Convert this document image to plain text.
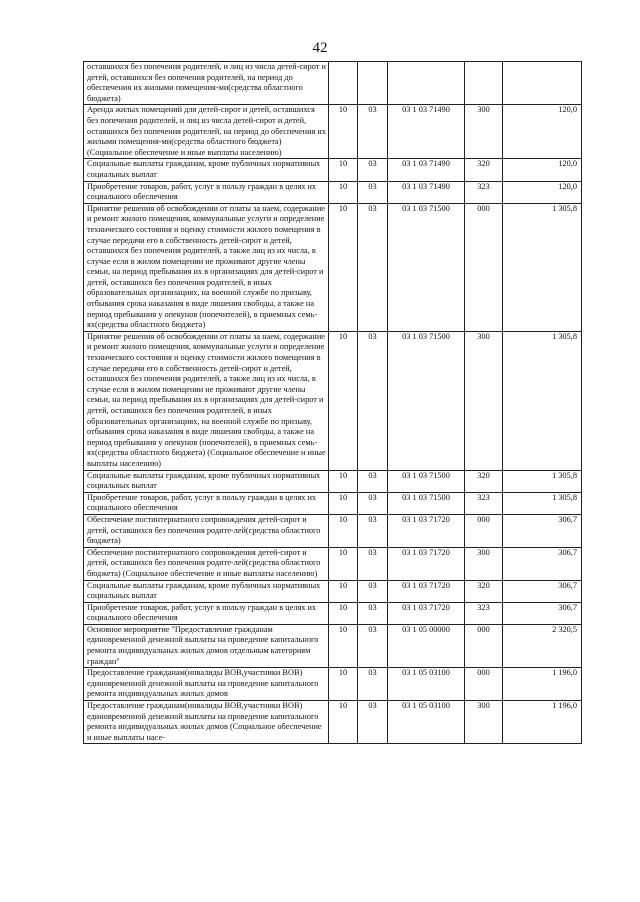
42
оставшихся без попечения родителей, и лиц из числа детей-сирот и детей, оставшихся без попечения родителей, на период до обеспечения их жилыми помещения-ми(средства областного бюджета)					
Аренда жилых помещений для детей-сирот и детей, оставшихся без попечения родителей, и лиц из числа детей-сирот и детей, оставшихся без попечения родителей, на период до обеспечения их жилыми помещения-ми(средства областного бюджета) (Социальное обеспечение и иные выплаты населению)	10	03	03 1 03 71490	300	120,0
Социальные выплаты гражданам, кроме публичных нормативных социальных выплат	10	03	03 1 03 71490	320	120,0
Приобретение товаров, работ, услуг в пользу граждан в целях их социального обеспечения	10	03	03 1 03 71490	323	120,0
Принятие решения об освобождении от платы за наем, содержание и ремонт жилого помещения, коммунальные услуги и определение технического состояния и оценку стоимости жилого помещения в случае передачи его в собственность детей-сирот и детей, оставшихся без попечения родителей, а также лиц из их числа, в случае если в жилом помещении не проживают другие члены семьи, на период пребывания их в организациях для детей-сирот и детей, оставшихся без попечения родителей, в иных образовательных организациях, на военной службе по призыву, отбывания срока наказания в виде лишения свободы, а также на период пребывания у опекунов (попечителей), в приемных семь-ях(средства областного бюджета)	10	03	03 1 03 71500	000	1 305,8
Принятие решения об освобождении от платы за наем, содержание и ремонт жилого помещения, коммунальные услуги и определение технического состояния и оценку стоимости жилого помещения в случае передачи его в собственность детей-сирот и детей, оставшихся без попечения родителей, а также лиц из их числа, в случае если в жилом помещении не проживают другие члены семьи, на период пребывания их в организациях для детей-сирот и детей, оставшихся без попечения родителей, в иных образовательных организациях, на военной службе по призыву, отбывания срока наказания в виде лишения свободы, а также на период пребывания у опекунов (попечителей), в приемных семь-ях(средства областного бюджета) (Социальное обеспечение и иные выплаты населению)	10	03	03 1 03 71500	300	1 305,8
Социальные выплаты гражданам, кроме публичных нормативных социальных выплат	10	03	03 1 03 71500	320	1 305,8
Приобретение товаров, работ, услуг в пользу граждан в целях их социального обеспечения	10	03	03 1 03 71500	323	1 305,8
Обеспечение постинтернатного сопровождения детей-сирот и детей, оставшихся без попечения родите-лей(средства областного бюджета)	10	03	03 1 03 71720	000	306,7
Обеспечение постинтернатного сопровождения детей-сирот и детей, оставшихся без попечения родите-лей(средства областного бюджета) (Социальное обеспечение и иные выплаты населению)	10	03	03 1 03 71720	300	306,7
Социальные выплаты гражданам, кроме публичных нормативных социальных выплат	10	03	03 1 03 71720	320	306,7
Приобретение товаров, работ, услуг в пользу граждан в целях их социального обеспечения	10	03	03 1 03 71720	323	306,7
Основное мероприятие "Предоставление гражданам единовременной денежной выплаты на проведение капитального ремонта индивидуальных жилых домов отдельным категориям граждан"	10	03	03 1 05 00000	000	2 320,5
Предоставление гражданам(инвалиды ВОВ,участники ВОВ) единовременной денежной выплаты на проведение капитального ремонта индивидуальных жилых домов	10	03	03 1 05 03100	000	1 196,0
Предоставление гражданам(инвалиды ВОВ,участники ВОВ) единовременной денежной выплаты на проведение капитального ремонта индивидуальных жилых домов (Социальное обеспечение и иные выплаты насе-	10	03	03 1 05 03100	300	1 196,0
